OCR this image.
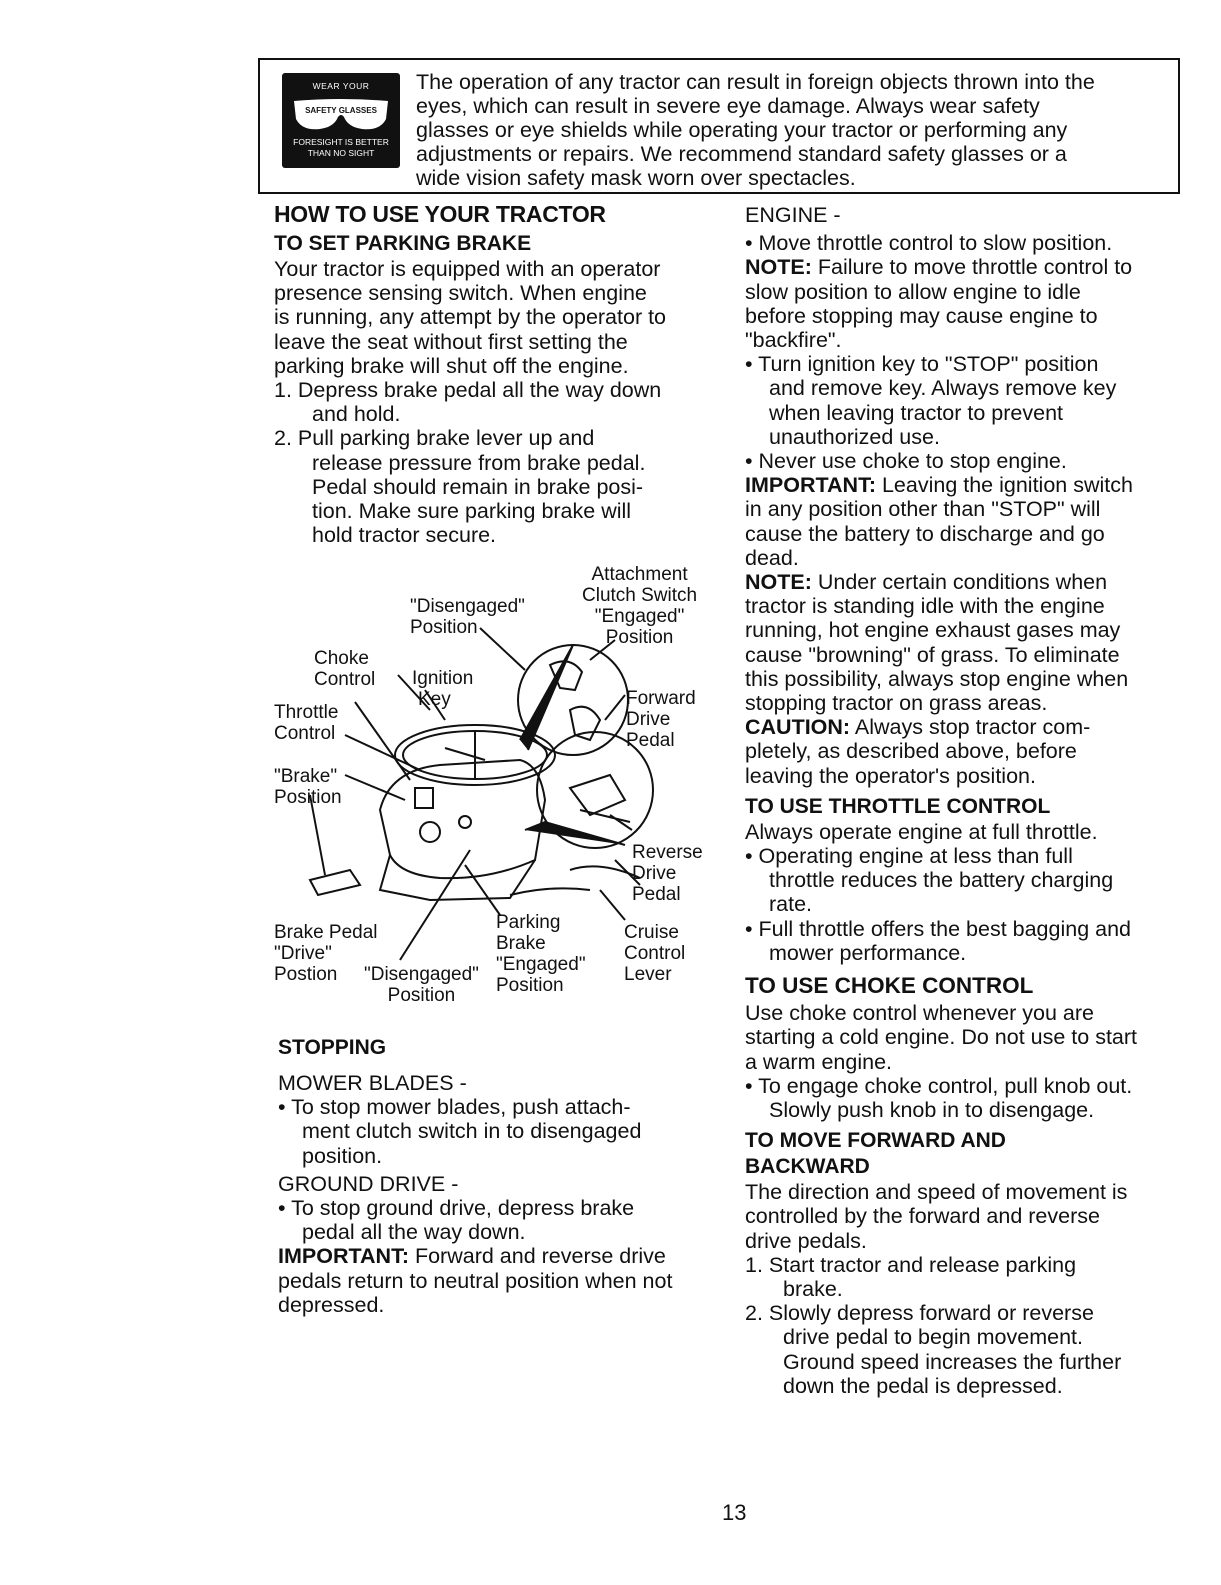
WEAR YOUR
SAFETY GLASSES
FORESIGHT IS BETTER
THAN NO SIGHT

The operation of any tractor can result in foreign objects thrown into the

eyes, which can result in severe eye damage. Always wear safety

glasses or eye shields while operating your tractor or performing any

adjustments or repairs. We recommend standard safety glasses or a

wide vision safety mask worn over spectacles.

HOW TO USE YOUR TRACTOR

TO SET PARKING BRAKE

Your tractor is equipped with an operator

presence sensing switch. When engine

is running, any attempt by the operator to

leave the seat without first setting the

parking brake will shut off the engine.

1. Depress brake pedal all the way down

and hold.

2. Pull parking brake lever up and

release pressure from brake pedal.

Pedal should remain in brake posi-

tion. Make sure parking brake will

hold tractor secure.

Attachment
Clutch Switch
"Engaged"
Position
"Disengaged"
Position
Choke
Control Ignition
Key
Throttle
Control
Forward
Drive
Pedal
"Brake"
Position
Reverse
Drive
Pedal
Brake Pedal
"Drive"
Postion	"Disengaged"
Position
Parking
Brake
"Engaged"
Position
Cruise
Control
Lever

STOPPING

MOWER BLADES -

• To stop mower blades, push attach-

ment clutch switch in to disengaged

position.

GROUND DRIVE -

• To stop ground drive, depress brake

pedal all the way down.

IMPORTANT: Forward and reverse drive

pedals return to neutral position when not

depressed.

ENGINE -

• Move throttle control to slow position.

NOTE: Failure to move throttle control to

slow position to allow engine to idle

before stopping may cause engine to

"backfire".

• Turn ignition key to "STOP" position

and remove key. Always remove key

when leaving tractor to prevent

unauthorized use.

• Never use choke to stop engine.

IMPORTANT: Leaving the ignition switch

in any position other than "STOP" will

cause the battery to discharge and go

dead.

NOTE: Under certain conditions when

tractor is standing idle with the engine

running, hot engine exhaust gases may

cause "browning" of grass. To eliminate

this possibility, always stop engine when

stopping tractor on grass areas.

CAUTION: Always stop tractor com-

pletely, as described above, before

leaving the operator's position.

TO USE THROTTLE CONTROL

Always operate engine at full throttle.

• Operating engine at less than full

throttle reduces the battery charging

rate.

• Full throttle offers the best bagging and

mower performance.

TO USE CHOKE CONTROL

Use choke control whenever you are

starting a cold engine. Do not use to start

a warm engine.

• To engage choke control, pull knob out.

Slowly push knob in to disengage.

TO MOVE FORWARD AND

BACKWARD

The direction and speed of movement is

controlled by the forward and reverse

drive pedals.

1. Start tractor and release parking

brake.

2. Slowly depress forward or reverse

drive pedal to begin movement.

Ground speed increases the further

down the pedal is depressed.

13
